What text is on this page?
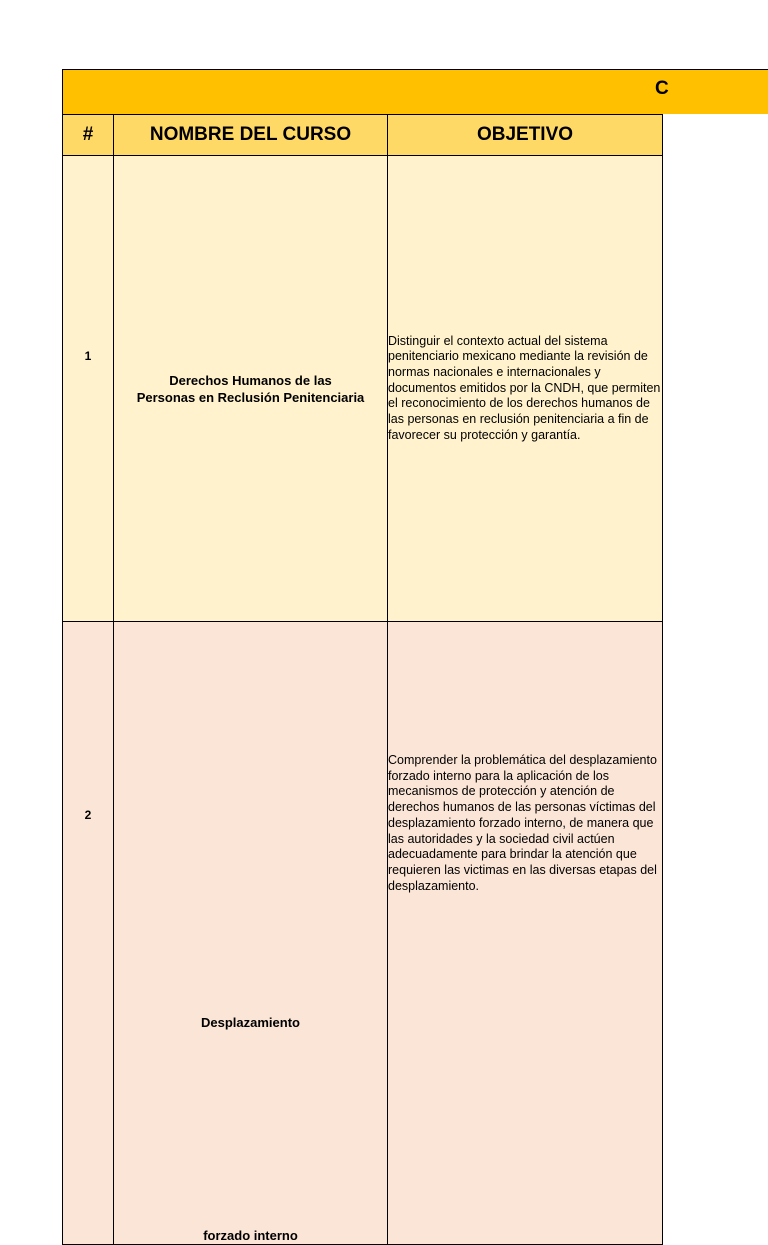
C
#	NOMBRE DEL CURSO	OBJETIVO

1	Derechos Humanos de las
Personas en Reclusión Penitenciaria	Distinguir el contexto actual del sistema penitenciario mexicano mediante la revisión de normas nacionales e internacionales y documentos emitidos por la CNDH, que permiten el reconocimiento de los derechos humanos de las personas en reclusión penitenciaria a fin de favorecer su protección y garantía.

2	Desplazamiento
forzado interno	Comprender la problemática del desplazamiento forzado interno para la aplicación de los mecanismos de protección y atención de derechos humanos de las personas víctimas del desplazamiento forzado interno, de manera que las autoridades y la sociedad civil actúen adecuadamente para brindar la atención que requieren las victimas en las diversas etapas del desplazamiento.
